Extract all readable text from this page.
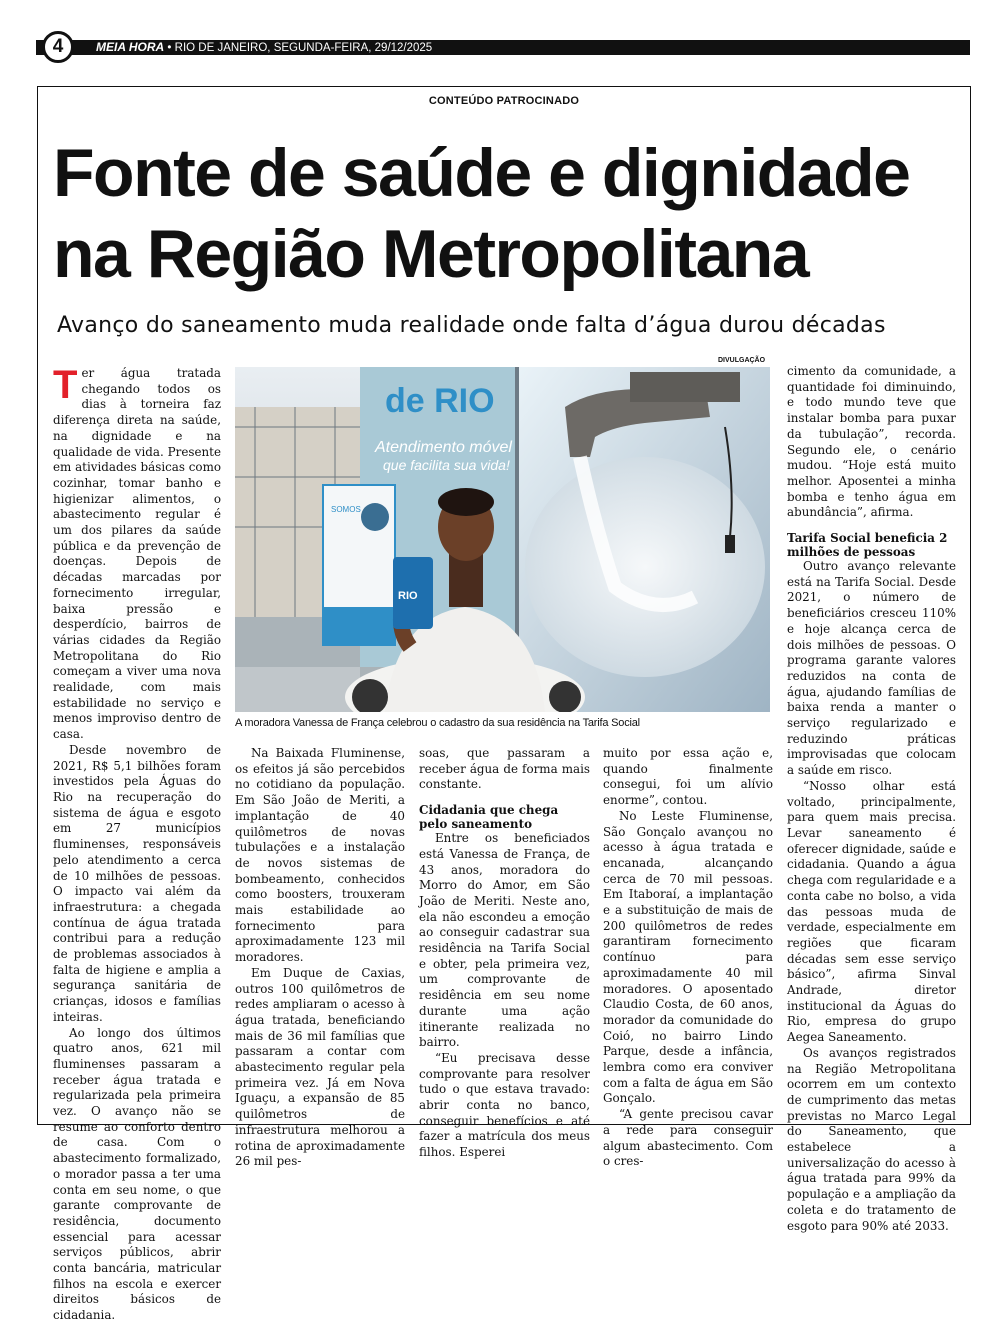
4	MEIA HORA • RIO DE JANEIRO, SEGUNDA-FEIRA, 29/12/2025
CONTEÚDO PATROCINADO
Fonte de saúde e dignidade
na Região Metropolitana

Avanço do saneamento muda realidade onde falta d’água durou décadas

Ter água tratada chegando todos os dias à torneira faz diferença direta na saúde, na dignidade e na qualidade de vida. Presente em atividades básicas como cozinhar, tomar banho e higienizar alimentos, o abastecimento regular é um dos pilares da saúde pública e da prevenção de doenças. Depois de décadas marcadas por fornecimento irregular, baixa pressão e desperdício, bairros de várias cidades da Região Metropolitana do Rio começam a viver uma nova realidade, com mais estabilidade no serviço e menos improviso dentro de casa.

Desde novembro de 2021, R$ 5,1 bilhões foram investidos pela Águas do Rio na recuperação do sistema de água e esgoto em 27 municípios fluminenses, responsáveis pelo atendimento a cerca de 10 milhões de pessoas. O impacto vai além da infraestrutura: a chegada contínua de água tratada contribui para a redução de problemas associados à falta de higiene e amplia a segurança sanitária de crianças, idosos e famílias inteiras.

Ao longo dos últimos quatro anos, 621 mil fluminenses passaram a receber água tratada e regularizada pela primeira vez. O avanço não se resume ao conforto dentro de casa. Com o abastecimento formalizado, o morador passa a ter uma conta em seu nome, o que garante comprovante de residência, documento essencial para acessar serviços públicos, abrir conta bancária, matricular filhos na escola e exercer direitos básicos de cidadania.

DIVULGAÇÃO
de RIO
Atendimento móvel
que facilita sua vida!
SOMOS
RIO
A moradora Vanessa de França celebrou o cadastro da sua residência na Tarifa Social

Na Baixada Fluminense, os efeitos já são percebidos no cotidiano da população. Em São João de Meriti, a implantação de 40 quilômetros de novas tubulações e a instalação de novos sistemas de bombeamento, conhecidos como boosters, trouxeram mais estabilidade ao fornecimento para aproximadamente 123 mil moradores.

Em Duque de Caxias, outros 100 quilômetros de redes ampliaram o acesso à água tratada, beneficiando mais de 36 mil famílias que passaram a contar com abastecimento regular pela primeira vez. Já em Nova Iguaçu, a expansão de 85 quilômetros de infraestrutura melhorou a rotina de aproximadamente 26 mil pes-

soas, que passaram a receber água de forma mais constante.

Cidadania que chega pelo saneamento

Entre os beneficiados está Vanessa de França, de 43 anos, moradora do Morro do Amor, em São João de Meriti. Neste ano, ela não escondeu a emoção ao conseguir cadastrar sua residência na Tarifa Social e obter, pela primeira vez, um comprovante de residência em seu nome durante uma ação itinerante realizada no bairro.

“Eu precisava desse comprovante para resolver tudo o que estava travado: abrir conta no banco, conseguir benefícios e até fazer a matrícula dos meus filhos. Esperei

muito por essa ação e, quando finalmente consegui, foi um alívio enorme”, contou.

No Leste Fluminense, São Gonçalo avançou no acesso à água tratada e encanada, alcançando cerca de 70 mil pessoas. Em Itaboraí, a implantação e a substituição de mais de 200 quilômetros de redes garantiram fornecimento contínuo para aproximadamente 40 mil moradores. O aposentado Claudio Costa, de 60 anos, morador da comunidade do Coió, no bairro Lindo Parque, desde a infância, lembra como era conviver com a falta de água em São Gonçalo.

“A gente precisou cavar a rede para conseguir algum abastecimento. Com o cres-

cimento da comunidade, a quantidade foi diminuindo, e todo mundo teve que instalar bomba para puxar da tubulação”, recorda. Segundo ele, o cenário mudou. “Hoje está muito melhor. Aposentei a minha bomba e tenho água em abundância”, afirma.

Tarifa Social beneficia 2 milhões de pessoas

Outro avanço relevante está na Tarifa Social. Desde 2021, o número de beneficiários cresceu 110% e hoje alcança cerca de dois milhões de pessoas. O programa garante valores reduzidos na conta de água, ajudando famílias de baixa renda a manter o serviço regularizado e reduzindo práticas improvisadas que colocam a saúde em risco.

“Nosso olhar está voltado, principalmente, para quem mais precisa. Levar saneamento é oferecer dignidade, saúde e cidadania. Quando a água chega com regularidade e a conta cabe no bolso, a vida das pessoas muda de verdade, especialmente em regiões que ficaram décadas sem esse serviço básico”, afirma Sinval Andrade, diretor institucional da Águas do Rio, empresa do grupo Aegea Saneamento.

Os avanços registrados na Região Metropolitana ocorrem em um contexto de cumprimento das metas previstas no Marco Legal do Saneamento, que estabelece a universalização do acesso à água tratada para 99% da população e a ampliação da coleta e do tratamento de esgoto para 90% até 2033.
